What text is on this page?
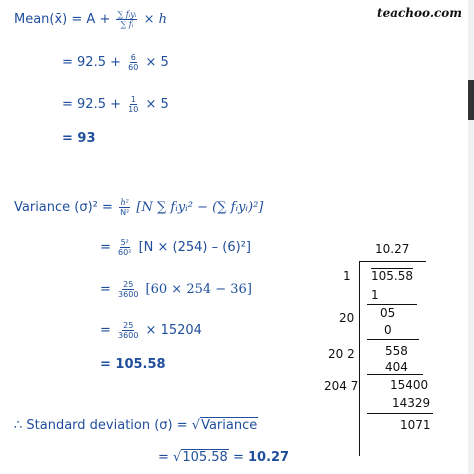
teachoo.com
Mean(x̄) = $A + \frac{\text{∑ fᵢyᵢ}}{\text{∑ fᵢ}} \times h$
= $92.5 + \frac{6}{60} \times 5$
= $92.5 + \frac{1}{10} \times 5$
= 93
Variance $(\sigma)^2 = \frac{\text{h²}}{\text{N²}} [N$ ∑ fᵢyᵢ² − (∑ fᵢyᵢ)²]
= $\frac{\text{5²}}{\text{60²}} [N \times (254) - (6)^2]$
= $\frac{25}{3600} [60 \times 254 - 36]$
= $\frac{25}{3600} \times 15204$
= 105.58
∴ Standard deviation (σ) = √Variance
= √105.58 = 10.27
10.27
1 105.58
1
20 05
0
20 2	558
404
204 7	15400
14329
1071
